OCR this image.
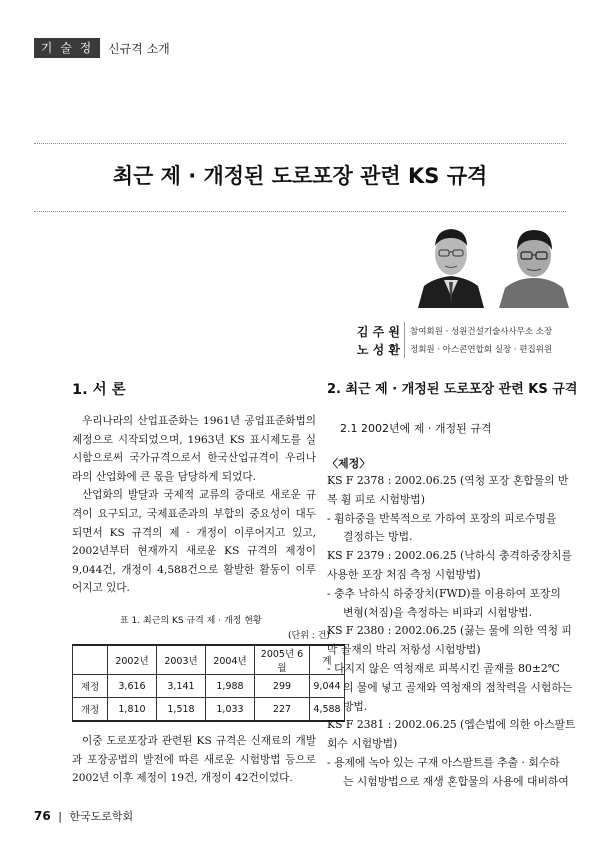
기 술 정 보
신규격 소개
최근 제 · 개정된 도로포장 관련 KS 규격
김 주 원
노 성 환
참여회원 · 성원건설기술사사무소 소장
정회원 · 아스콘연합회 실장 · 편집위원
1. 서 론

우리나라의 산업표준화는 1961년 공업표준화법의 제정으로 시작되었으며, 1963년 KS 표시제도를 실시함으로써 국가규격으로서 한국산업규격이 우리나라의 산업화에 큰 몫을 담당하게 되었다.

산업화의 발달과 국제적 교류의 증대로 새로운 규격이 요구되고, 국제표준과의 부합의 중요성이 대두되면서 KS 규격의 제 · 개정이 이루어지고 있고, 2002년부터 현재까지 새로운 KS 규격의 제정이 9,044건, 개정이 4,588건으로 활발한 활동이 이루어지고 있다.

표 1. 최근의 KS 규격 제 · 개정 현황
(단위 : 건)
	2002년	2003년	2004년	2005년 6월	계
제정	3,616	3,141	1,988	299	9,044
개정	1,810	1,518	1,033	227	4,588

이중 도로포장과 관련된 KS 규격은 신재료의 개발과 포장공법의 발전에 따른 새로운 시험방법 등으로 2002년 이후 제정이 19건, 개정이 42건이었다.

2. 최근 제 · 개정된 도로포장 관련 KS 규격
2.1 2002년에 제 · 개정된 규격
〈제정〉
KS F 2378 : 2002.06.25 (역청 포장 혼합물의 반
복 휨 피로 시험방법)
- 휨하중을 반복적으로 가하여 포장의 피로수명을
결정하는 방법.
KS F 2379 : 2002.06.25 (낙하식 충격하중장치를
사용한 포장 처짐 측정 시험방법)
- 충추 낙하식 하중장치(FWD)를 이용하여 포장의
변형(처짐)을 측정하는 비파괴 시험방법.
KS F 2380 : 2002.06.25 (끓는 물에 의한 역청 피
막 골재의 박리 저항성 시험방법)
- 다지지 않은 역청재로 피복시킨 골재를 80±2℃
의 물에 넣고 골재와 역청재의 점착력을 시험하는
방법.
KS F 2381 : 2002.06.25 (엡슨법에 의한 아스팔트
회수 시험방법)
- 용제에 녹아 있는 구재 아스팔트를 추출 · 회수하
는 시험방법으로 재생 혼합물의 사용에 대비하여
76 | 한국도로학회
